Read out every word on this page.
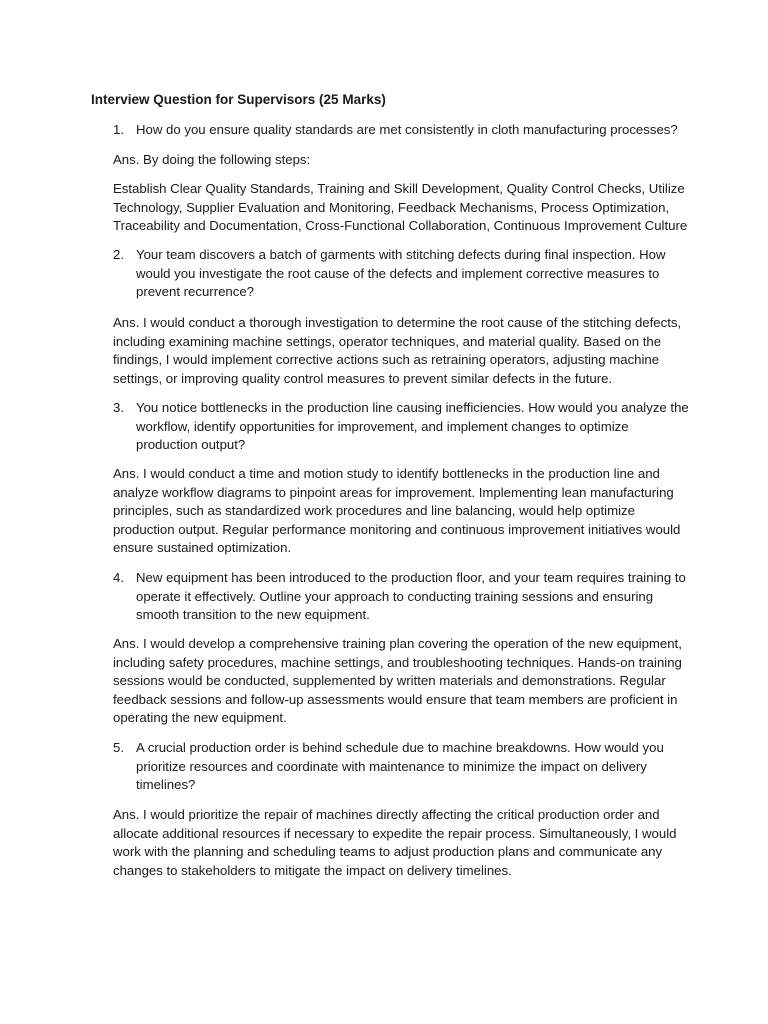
Interview Question for Supervisors (25 Marks)
1. How do you ensure quality standards are met consistently in cloth manufacturing processes?
Ans. By doing the following steps:
Establish Clear Quality Standards, Training and Skill Development, Quality Control Checks, Utilize
Technology, Supplier Evaluation and Monitoring, Feedback Mechanisms, Process Optimization,
Traceability and Documentation, Cross-Functional Collaboration, Continuous Improvement Culture
2. Your team discovers a batch of garments with stitching defects during final inspection. How
would you investigate the root cause of the defects and implement corrective measures to
prevent recurrence?
Ans. I would conduct a thorough investigation to determine the root cause of the stitching defects,
including examining machine settings, operator techniques, and material quality. Based on the
findings, I would implement corrective actions such as retraining operators, adjusting machine
settings, or improving quality control measures to prevent similar defects in the future.
3. You notice bottlenecks in the production line causing inefficiencies. How would you analyze the
workflow, identify opportunities for improvement, and implement changes to optimize
production output?
Ans. I would conduct a time and motion study to identify bottlenecks in the production line and
analyze workflow diagrams to pinpoint areas for improvement. Implementing lean manufacturing
principles, such as standardized work procedures and line balancing, would help optimize
production output. Regular performance monitoring and continuous improvement initiatives would
ensure sustained optimization.
4. New equipment has been introduced to the production floor, and your team requires training to
operate it effectively. Outline your approach to conducting training sessions and ensuring
smooth transition to the new equipment.
Ans. I would develop a comprehensive training plan covering the operation of the new equipment,
including safety procedures, machine settings, and troubleshooting techniques. Hands-on training
sessions would be conducted, supplemented by written materials and demonstrations. Regular
feedback sessions and follow-up assessments would ensure that team members are proficient in
operating the new equipment.
5. A crucial production order is behind schedule due to machine breakdowns. How would you
prioritize resources and coordinate with maintenance to minimize the impact on delivery
timelines?
Ans. I would prioritize the repair of machines directly affecting the critical production order and
allocate additional resources if necessary to expedite the repair process. Simultaneously, I would
work with the planning and scheduling teams to adjust production plans and communicate any
changes to stakeholders to mitigate the impact on delivery timelines.
